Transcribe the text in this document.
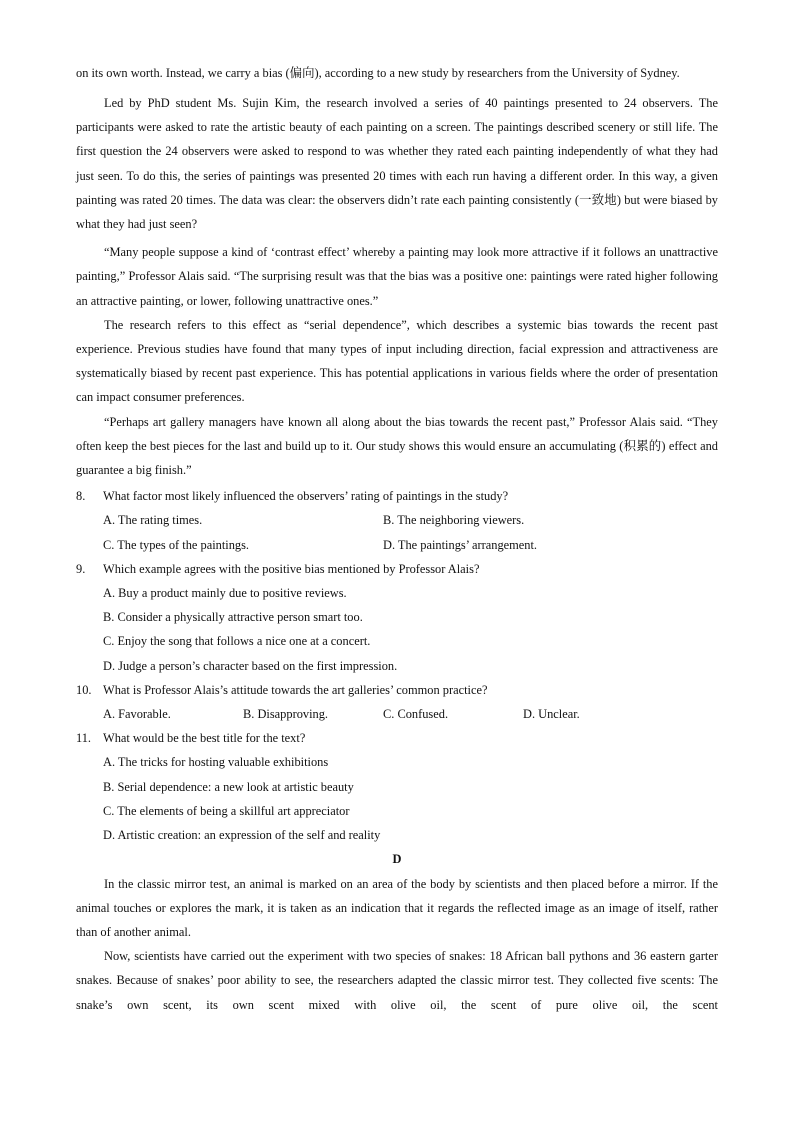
on its own worth. Instead, we carry a bias (偏向), according to a new study by researchers from the University of Sydney.

Led by PhD student Ms. Sujin Kim, the research involved a series of 40 paintings presented to 24 observers. The participants were asked to rate the artistic beauty of each painting on a screen. The paintings described scenery or still life. The first question the 24 observers were asked to respond to was whether they rated each painting independently of what they had just seen. To do this, the series of paintings was presented 20 times with each run having a different order. In this way, a given painting was rated 20 times. The data was clear: the observers didn’t rate each painting consistently (一致地) but were biased by what they had just seen?

“Many people suppose a kind of ‘contrast effect’ whereby a painting may look more attractive if it follows an unattractive painting,” Professor Alais said. “The surprising result was that the bias was a positive one: paintings were rated higher following an attractive painting, or lower, following unattractive ones.”

The research refers to this effect as “serial dependence”, which describes a systemic bias towards the recent past experience. Previous studies have found that many types of input including direction, facial expression and attractiveness are systematically biased by recent past experience. This has potential applications in various fields where the order of presentation can impact consumer preferences.

“Perhaps art gallery managers have known all along about the bias towards the recent past,” Professor Alais said. “They often keep the best pieces for the last and build up to it. Our study shows this would ensure an accumulating (积累的) effect and guarantee a big finish.”

8.	What factor most likely influenced the observers’ rating of paintings in the study?
A. The rating times.	B. The neighboring viewers.
C. The types of the paintings.	D. The paintings’ arrangement.
9.	Which example agrees with the positive bias mentioned by Professor Alais?
A. Buy a product mainly due to positive reviews.
B. Consider a physically attractive person smart too.
C. Enjoy the song that follows a nice one at a concert.
D. Judge a person’s character based on the first impression.
10. What is Professor Alais’s attitude towards the art galleries’ common practice?
A. Favorable.	B. Disapproving.	C. Confused.	D. Unclear.
11. What would be the best title for the text?
A. The tricks for hosting valuable exhibitions
B. Serial dependence: a new look at artistic beauty
C. The elements of being a skillful art appreciator
D. Artistic creation: an expression of the self and reality
D

In the classic mirror test, an animal is marked on an area of the body by scientists and then placed before a mirror. If the animal touches or explores the mark, it is taken as an indication that it regards the reflected image as an image of itself, rather than of another animal.

Now, scientists have carried out the experiment with two species of snakes: 18 African ball pythons and 36 eastern garter snakes. Because of snakes’ poor ability to see, the researchers adapted the classic mirror test. They collected five scents: The snake’s own scent, its own scent mixed with olive oil, the scent of pure olive oil, the scent
